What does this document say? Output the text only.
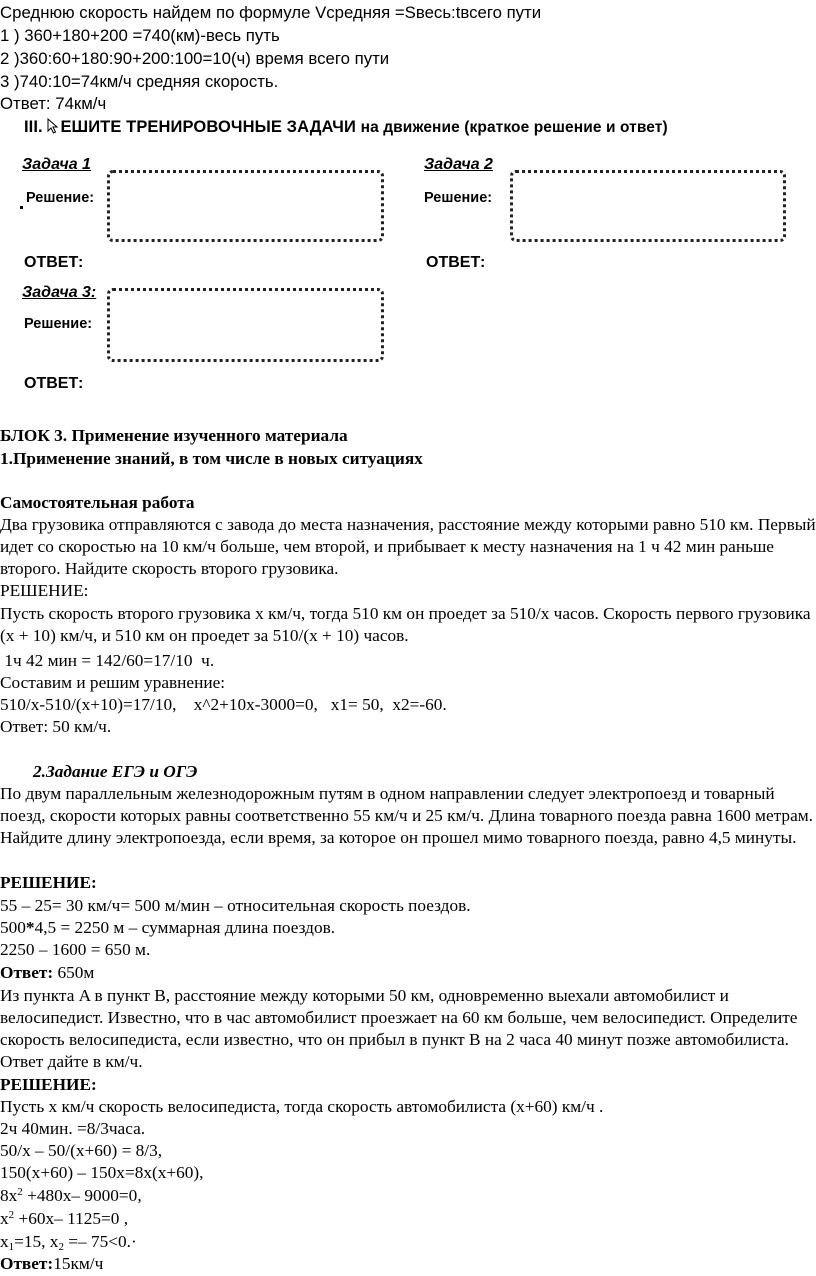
Среднюю скорость найдем по формуле Vсредняя =Sвесь:tвсего пути
1 ) 360+180+200 =740(км)-весь путь
2 )360:60+180:90+200:100=10(ч) время всего пути
3 )740:10=74км/ч средняя скорость.
Ответ: 74км/ч
III. ЕШИТЕ ТРЕНИРОВОЧНЫЕ ЗАДАЧИ на движение (краткое решение и ответ)
Задача 1	Задача 2
Решение:	Решение:
ОТВЕТ:	ОТВЕТ:
Задача 3:
Решение:
ОТВЕТ:
БЛОК 3. Применение изученного материала
1.Применение знаний, в том числе в новых ситуациях
Самостоятельная работа
Два грузовика отправляются с завода до места назначения, расстояние между которыми равно 510 км. Первый идет со скоростью на 10 км/ч больше, чем второй, и прибывает к месту назначения на 1 ч 42 мин раньше второго. Найдите скорость второго грузовика.
РЕШЕНИЕ:
Пусть скорость второго грузовика х км/ч, тогда 510 км он проедет за 510/х часов. Скорость первого грузовика (х + 10) км/ч, и 510 км он проедет за 510/(х + 10) часов.
1ч 42 мин = 142/60=17/10  ч.
Составим и решим уравнение:
510/x-510/(x+10)=17/10,    x^2+10x-3000=0,   x1= 50,  x2=-60.
Ответ: 50 км/ч.
2.Задание ЕГЭ и ОГЭ
По двум параллельным железнодорожным путям в одном направлении следует электропоезд и товарный поезд, скорости которых равны соответственно 55 км/ч и 25 км/ч. Длина товарного поезда равна 1600 метрам. Найдите длину электропоезда, если время, за которое он прошел мимо товарного поезда, равно 4,5 минуты.
РЕШЕНИЕ:
55 – 25= 30 км/ч= 500 м/мин – относительная скорость поездов.
500*4,5 = 2250 м – суммарная длина поездов.
2250 – 1600 = 650 м.
Ответ: 650м
Из пункта A в пункт B, расстояние между которыми 50 км, одновременно выехали автомобилист и велосипедист. Известно, что в час автомобилист проезжает на 60 км больше, чем велосипедист. Определите скорость велосипедиста, если известно, что он прибыл в пункт B на 2 часа 40 минут позже автомобилиста. Ответ дайте в км/ч.
РЕШЕНИЕ:
Пусть х км/ч скорость велосипедиста, тогда скорость автомобилиста (х+60) км/ч .
2ч 40мин. =8/3часа.
50/х – 50/(х+60) = 8/3,
150(х+60) – 150х=8х(х+60),
$8х^2 +480х-$ 9000=0,
$х^2 +60х-$ 1125=0 ,
$х_1=15$, $х_2 =- 75<0.\cdot$
Ответ:15км/ч
